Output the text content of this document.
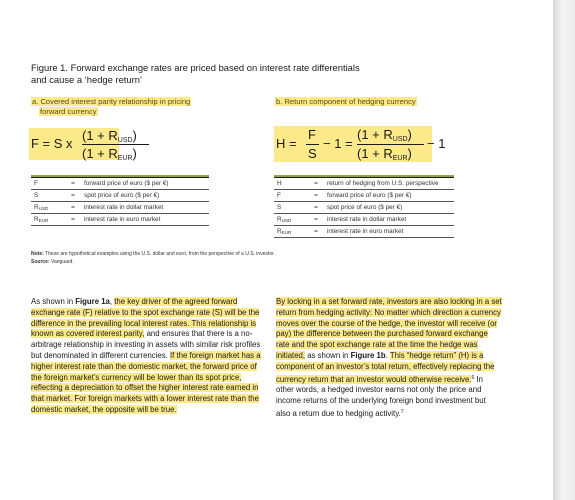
Figure 1. Forward exchange rates are priced based on interest rate differentials
and cause a ‘hedge return’
a. Covered interest parity relationship in pricing
forward currency
b. Return component of hedging currency
F = S x
$(1 + R_{USD})$
$(1 + R_{EUR})$
H =
F
S
− 1 =
$(1 + R_{USD})$
$(1 + R_{EUR})$
− 1
F	=	forward price of euro ($ per €)
S	=	spot price of euro ($ per €)
$R_{USD}$	=	interest rate in dollar market
$R_{EUR}$	=	interest rate in euro market
H	=	return of hedging from U.S. perspective
F	=	forward price of euro ($ per €)
S	=	spot price of euro ($ per €)
$R_{USD}$	=	interest rate in dollar market
$R_{EUR}$	=	interest rate in euro market
Note: These are hypothetical examples using the U.S. dollar and euro, from the perspective of a U.S. investor.
Source: Vanguard.
As shown in Figure 1a, the key driver of the agreed forward exchange rate (F) relative to the spot exchange rate (S) will be the difference in the prevailing local interest rates. This relationship is known as covered interest parity, and ensures that there is a no-arbitrage relationship in investing in assets with similar risk profiles but denominated in different currencies. If the foreign market has a higher interest rate than the domestic market, the forward price of the foreign market’s currency will be lower than its spot price, reflecting a depreciation to offset the higher interest rate earned in that market. For foreign markets with a lower interest rate than the domestic market, the opposite will be true.
By locking in a set forward rate, investors are also locking in a set return from hedging activity: No matter which direction a currency moves over the course of the hedge, the investor will receive (or pay) the difference between the purchased forward exchange rate and the spot exchange rate at the time the hedge was initiated, as shown in Figure 1b. This “hedge return” (H) is a component of an investor’s total return, effectively replacing the currency return that an investor would otherwise receive.$^6$ In other words, a hedged investor earns not only the price and income returns of the underlying foreign bond investment but also a return due to hedging activity.$^7$
